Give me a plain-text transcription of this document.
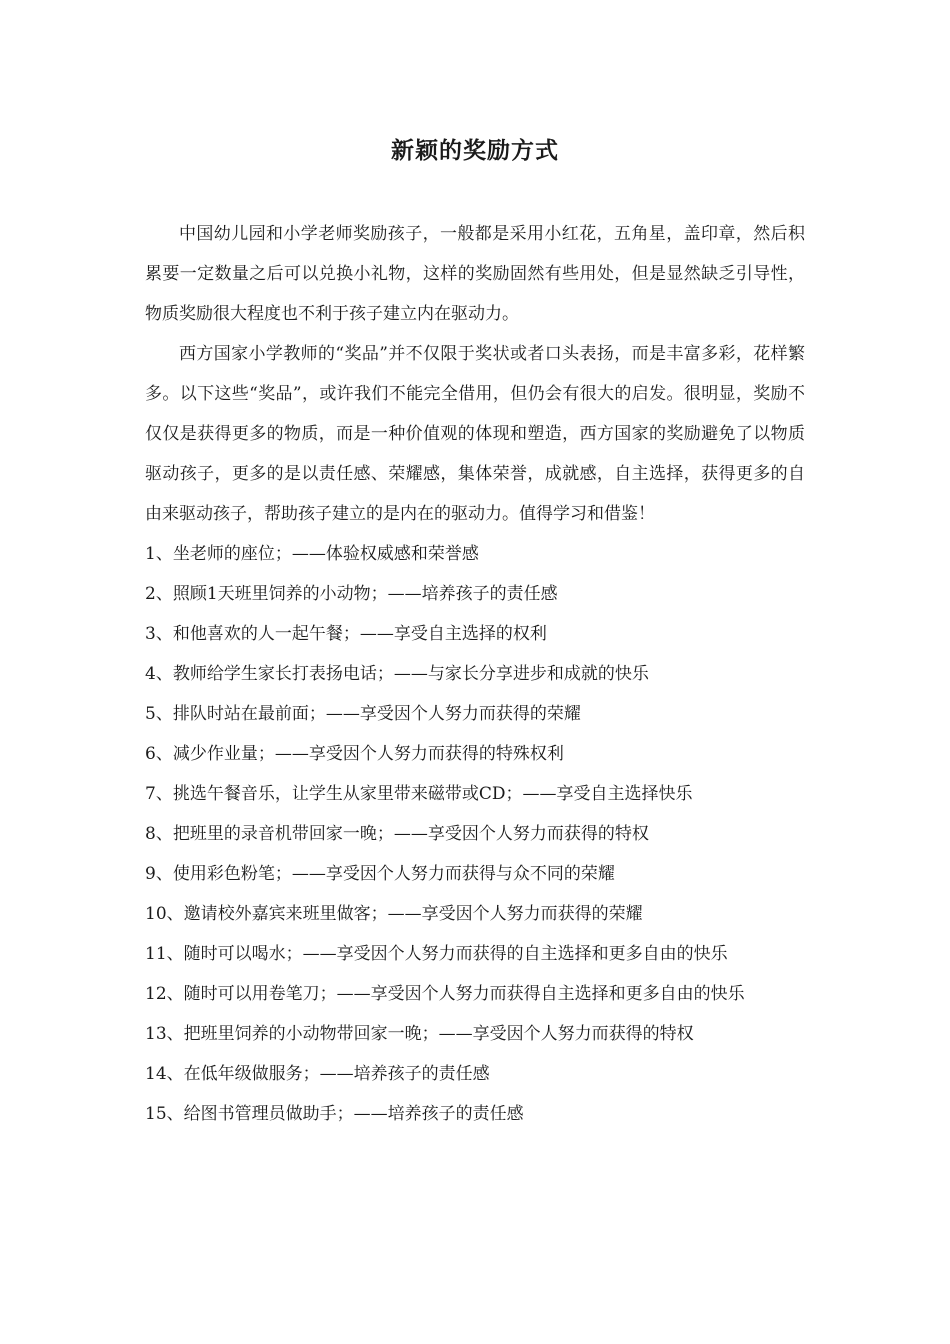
新颖的奖励方式

中国幼儿园和小学老师奖励孩子，一般都是采用小红花，五角星，盖印章，然后积累要一定数量之后可以兑换小礼物，这样的奖励固然有些用处，但是显然缺乏引导性，物质奖励很大程度也不利于孩子建立内在驱动力。

西方国家小学教师的“奖品”并不仅限于奖状或者口头表扬，而是丰富多彩，花样繁多。以下这些“奖品”，或许我们不能完全借用，但仍会有很大的启发。很明显，奖励不仅仅是获得更多的物质，而是一种价值观的体现和塑造，西方国家的奖励避免了以物质驱动孩子，更多的是以责任感、荣耀感，集体荣誉，成就感，自主选择，获得更多的自由来驱动孩子，帮助孩子建立的是内在的驱动力。值得学习和借鉴！

1、坐老师的座位；——体验权威感和荣誉感
2、照顾1天班里饲养的小动物；——培养孩子的责任感
3、和他喜欢的人一起午餐；——享受自主选择的权利
4、教师给学生家长打表扬电话；——与家长分享进步和成就的快乐
5、排队时站在最前面；——享受因个人努力而获得的荣耀
6、减少作业量；——享受因个人努力而获得的特殊权利
7、挑选午餐音乐，让学生从家里带来磁带或CD；——享受自主选择快乐
8、把班里的录音机带回家一晚；——享受因个人努力而获得的特权
9、使用彩色粉笔；——享受因个人努力而获得与众不同的荣耀
10、邀请校外嘉宾来班里做客；——享受因个人努力而获得的荣耀
11、随时可以喝水；——享受因个人努力而获得的自主选择和更多自由的快乐
12、随时可以用卷笔刀；——享受因个人努力而获得自主选择和更多自由的快乐
13、把班里饲养的小动物带回家一晚；——享受因个人努力而获得的特权
14、在低年级做服务；——培养孩子的责任感
15、给图书管理员做助手；——培养孩子的责任感
